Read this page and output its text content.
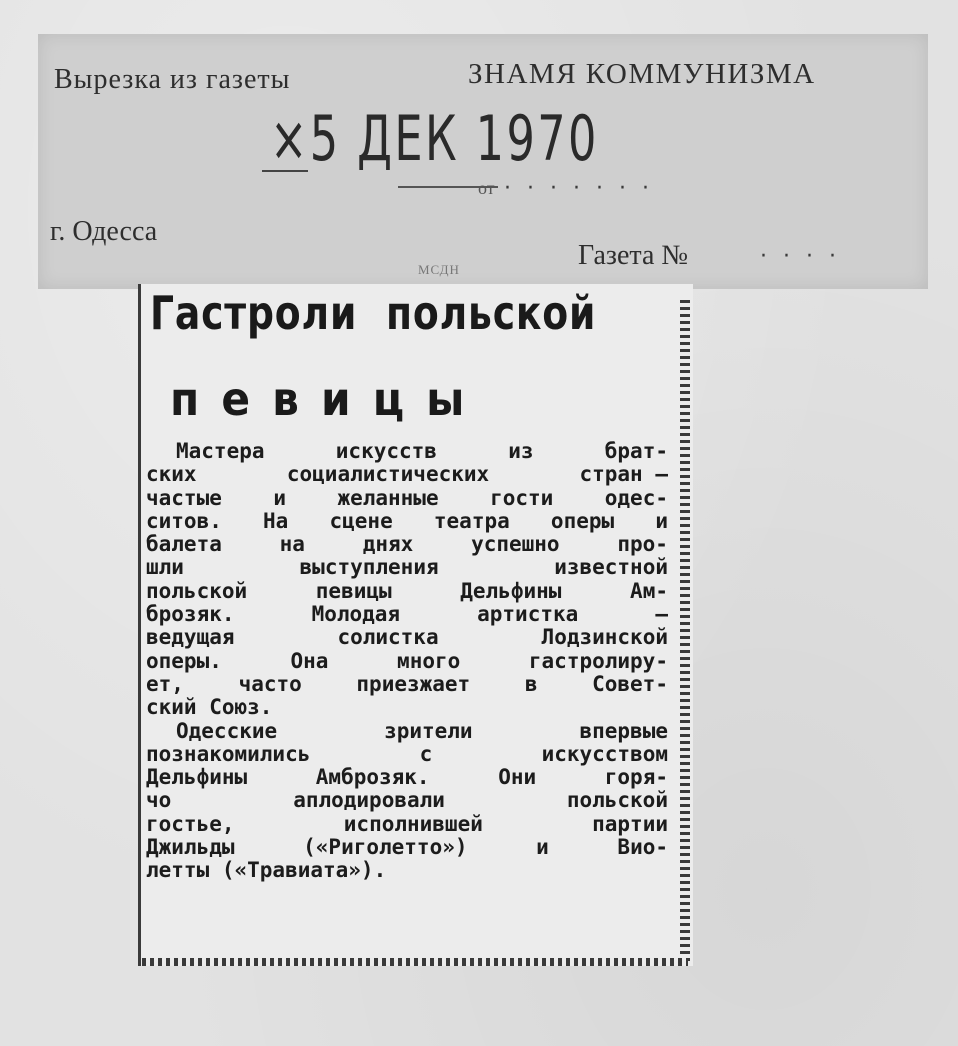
Вырезка из газеты	ЗНАМЯ КОММУНИЗМА
×5 ДЕК 1970
от ·······
г. Одесса
Газета №	····
МСДН
Гастроли польской
певицы
Мастера	искусств	из	брат-
ских	социалистических	стран —
частые и желанные гости одес-
ситов. На сцене театра оперы и
балета	на	днях	успешно	про-
шли	выступления	известной
польской	певицы	Дельфины	Ам-
брозяк.	Молодая	артистка	—
ведущая	солистка	Лодзинской
оперы.	Она	много	гастролиру-
ет,	часто	приезжает	в	Совет-
ский Союз.
Одесские	зрители	впервые
познакомились	с	искусством
Дельфины	Амброзяк.	Они	горя-
чо	аплодировали	польской
гостье,	исполнившей	партии
Джильды	(«Риголетто»)	и	Вио-
летты («Травиата»).
